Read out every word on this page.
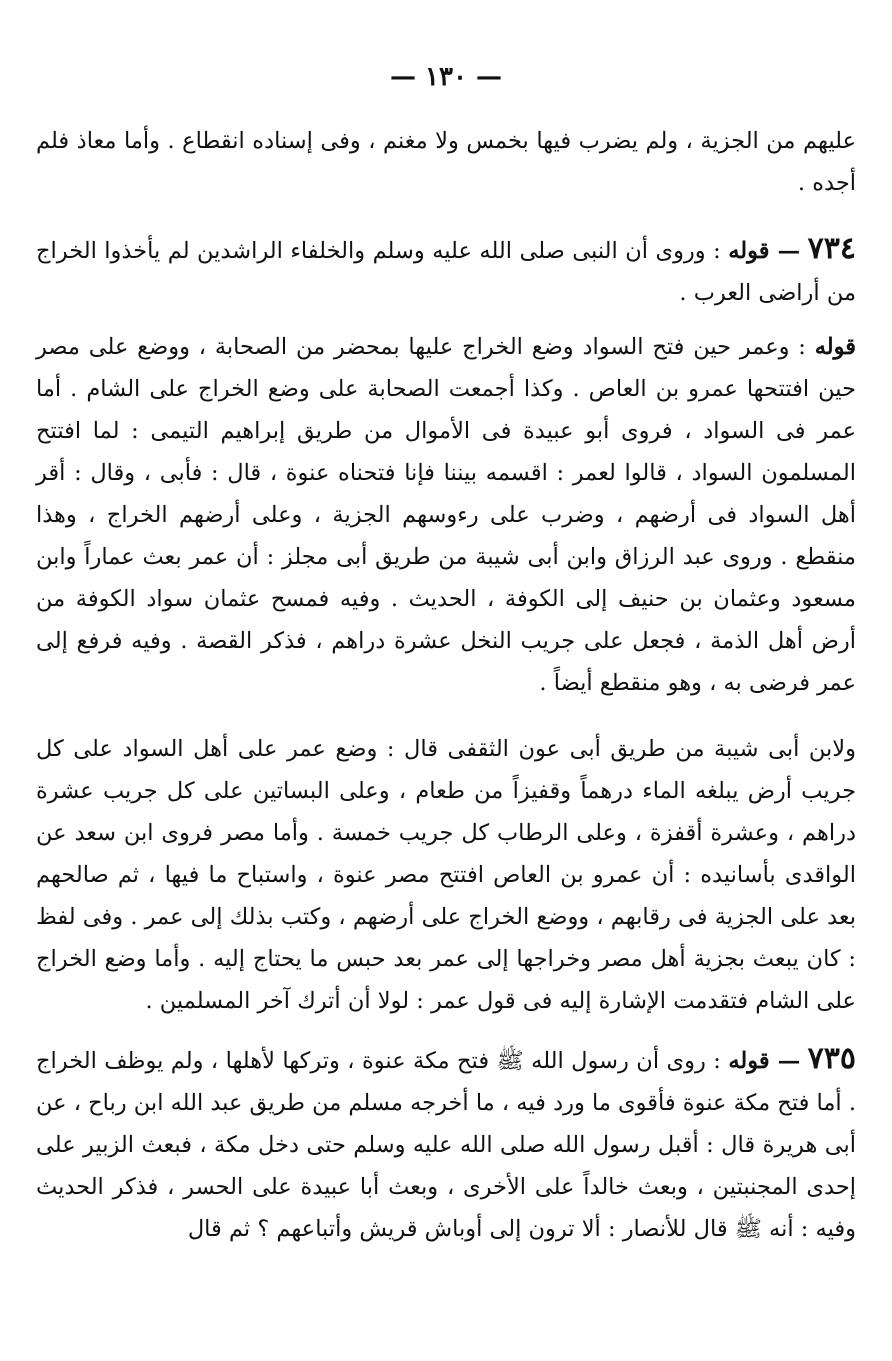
— ١٣٠ —

عليهم من الجزية ، ولم يضرب فيها بخمس ولا مغنم ، وفى إسناده انقطاع . وأما معاذ فلم أجده .

٧٣٤ — قوله : وروى أن النبى صلى الله عليه وسلم والخلفاء الراشدين لم يأخذوا الخراج من أراضى العرب .

قوله : وعمر حين فتح السواد وضع الخراج عليها بمحضر من الصحابة ، ووضع على مصر حين افتتحها عمرو بن العاص . وكذا أجمعت الصحابة على وضع الخراج على الشام . أما عمر فى السواد ، فروى أبو عبيدة فى الأموال من طريق إبراهيم التيمى : لما افتتح المسلمون السواد ، قالوا لعمر : اقسمه بيننا فإنا فتحناه عنوة ، قال : فأبى ، وقال : أقر أهل السواد فى أرضهم ، وضرب على رءوسهم الجزية ، وعلى أرضهم الخراج ، وهذا منقطع . وروى عبد الرزاق وابن أبى شيبة من طريق أبى مجلز : أن عمر بعث عماراً وابن مسعود وعثمان بن حنيف إلى الكوفة ، الحديث . وفيه فمسح عثمان سواد الكوفة من أرض أهل الذمة ، فجعل على جريب النخل عشرة دراهم ، فذكر القصة . وفيه فرفع إلى عمر فرضى به ، وهو منقطع أيضاً .

ولابن أبى شيبة من طريق أبى عون الثقفى قال : وضع عمر على أهل السواد على كل جريب أرض يبلغه الماء درهماً وقفيزاً من طعام ، وعلى البساتين على كل جريب عشرة دراهم ، وعشرة أقفزة ، وعلى الرطاب كل جريب خمسة . وأما مصر فروى ابن سعد عن الواقدى بأسانيده : أن عمرو بن العاص افتتح مصر عنوة ، واستباح ما فيها ، ثم صالحهم بعد على الجزية فى رقابهم ، ووضع الخراج على أرضهم ، وكتب بذلك إلى عمر . وفى لفظ : كان يبعث بجزية أهل مصر وخراجها إلى عمر بعد حبس ما يحتاج إليه . وأما وضع الخراج على الشام فتقدمت الإشارة إليه فى قول عمر : لولا أن أترك آخر المسلمين .

٧٣٥ — قوله : روى أن رسول الله ﷺ فتح مكة عنوة ، وتركها لأهلها ، ولم يوظف الخراج . أما فتح مكة عنوة فأقوى ما ورد فيه ، ما أخرجه مسلم من طريق عبد الله ابن رباح ، عن أبى هريرة قال : أقبل رسول الله صلى الله عليه وسلم حتى دخل مكة ، فبعث الزبير على إحدى المجنبتين ، وبعث خالداً على الأخرى ، وبعث أبا عبيدة على الحسر ، فذكر الحديث وفيه : أنه ﷺ قال للأنصار : ألا ترون إلى أوباش قريش وأتباعهم ؟ ثم قال
